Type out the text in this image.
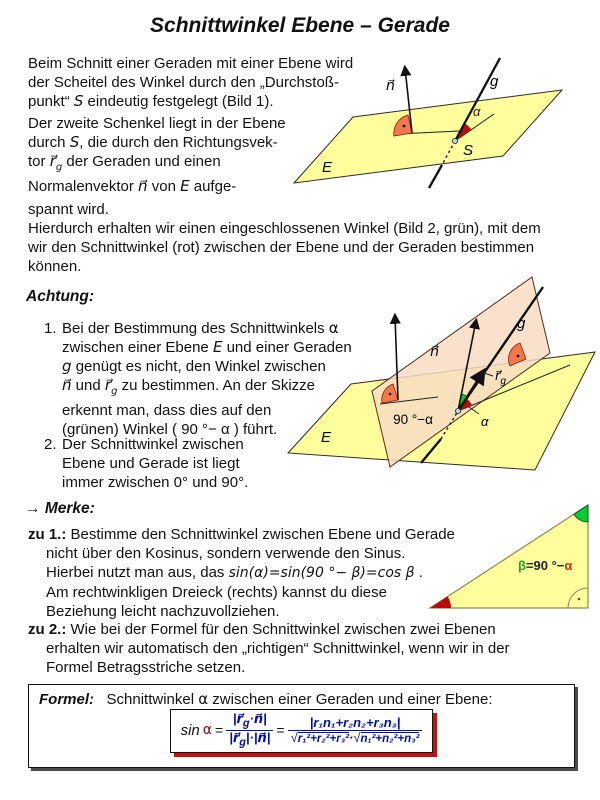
Schnittwinkel Ebene – Gerade
Beim Schnitt einer Geraden mit einer Ebene wird
der Scheitel des Winkel durch den „Durchstoß-
punkt“ S eindeutig festgelegt (Bild 1).
Der zweite Schenkel liegt in der Ebene
durch S, die durch den Richtungsvek-
tor $r⃗_g$ der Geraden und einen
Normalenvektor n⃗ von E aufge-
spannt wird.
E
g
α
S
n⃗
Hierdurch erhalten wir einen eingeschlossenen Winkel (Bild 2, grün), mit dem
wir den Schnittwinkel (rot) zwischen der Ebene und der Geraden bestimmen
können.
Achtung:
1. Bei der Bestimmung des Schnittwinkels α
zwischen einer Ebene E und einer Geraden
g genügt es nicht, den Winkel zwischen
n⃗ und $r⃗_g$ zu bestimmen. An der Skizze
erkennt man, dass dies auf den
(grünen) Winkel ( 90 °− α ) führt.
2. Der Schnittwinkel zwischen
Ebene und Gerade ist liegt
immer zwischen 0° und 90°.
E
g
n⃗
90 °−α	α
$r⃗_g$
→ Merke:
zu 1.: Bestimme den Schnittwinkel zwischen Ebene und Gerade
nicht über den Kosinus, sondern verwende den Sinus.
Hierbei nutzt man aus, das sin(α)=sin(90 °− β)=cos β .
Am rechtwinkligen Dreieck (rechts) kannst du diese
Beziehung leicht nachzuvollziehen.
β=90 °−α
zu 2.: Wie bei der Formel für den Schnittwinkel zwischen zwei Ebenen
erhalten wir automatisch den „richtigen“ Schnittwinkel, wenn wir in der
Formel Betragsstriche setzen.
Formel: Schnittwinkel α zwischen einer Geraden und einer Ebene:
$\sin \alpha = \frac{|r⃗_g\cdot n⃗|}{|r⃗_g|\cdot|n⃗|} = \frac{\text{|r₁n₁+r₂n₂+r₃n₃|}}{\text{√r₁²+r₂²+r₃²·√n₁²+n₂²+n₃²}}$
